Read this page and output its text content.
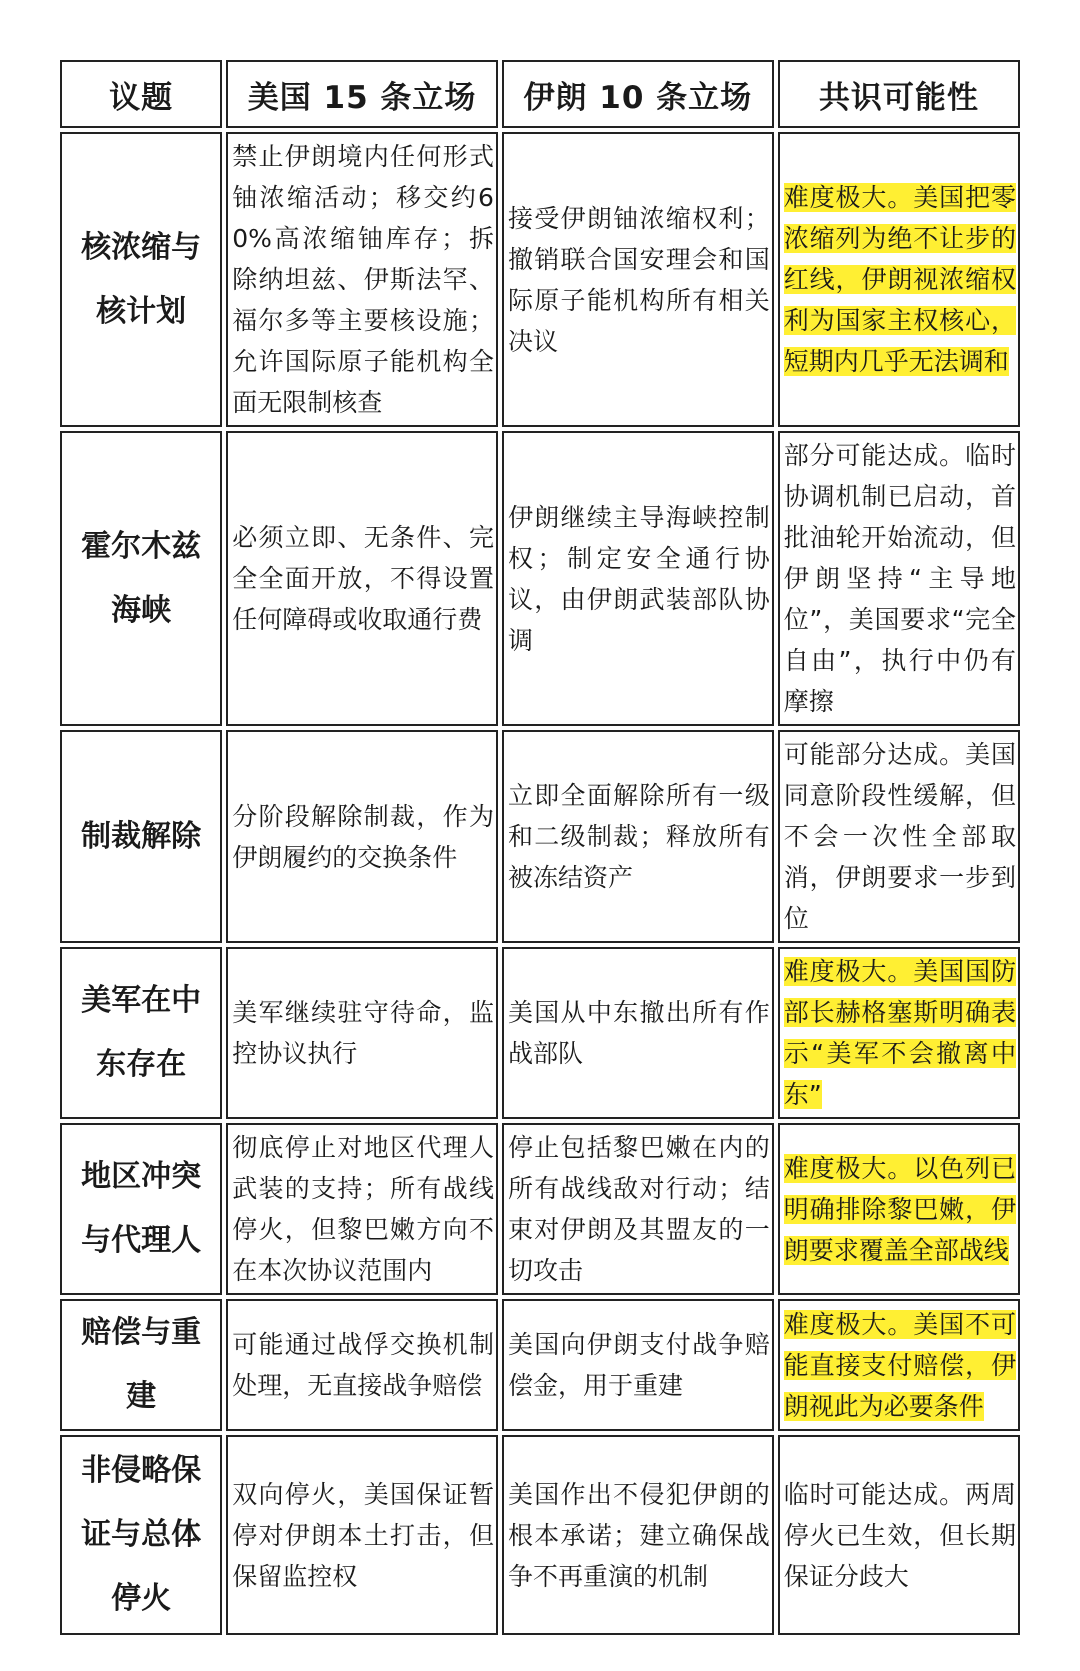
议题	美国 15 条立场	伊朗 10 条立场	共识可能性
核浓缩与核计划	禁止伊朗境内任何形式铀浓缩活动；移交约60%高浓缩铀库存；拆除纳坦兹、伊斯法罕、福尔多等主要核设施；允许国际原子能机构全面无限制核查	接受伊朗铀浓缩权利；撤销联合国安理会和国际原子能机构所有相关决议	难度极大。美国把零浓缩列为绝不让步的红线，伊朗视浓缩权利为国家主权核心，短期内几乎无法调和
霍尔木兹海峡	必须立即、无条件、完全全面开放，不得设置任何障碍或收取通行费	伊朗继续主导海峡控制权；制定安全通行协议，由伊朗武装部队协调	部分可能达成。临时协调机制已启动，首批油轮开始流动，但伊朗坚持“主导地位”，美国要求“完全自由”，执行中仍有摩擦
制裁解除	分阶段解除制裁，作为伊朗履约的交换条件	立即全面解除所有一级和二级制裁；释放所有被冻结资产	可能部分达成。美国同意阶段性缓解，但不会一次性全部取消，伊朗要求一步到位
美军在中东存在	美军继续驻守待命，监控协议执行	美国从中东撤出所有作战部队	难度极大。美国国防部长赫格塞斯明确表示“美军不会撤离中东”
地区冲突与代理人	彻底停止对地区代理人武装的支持；所有战线停火，但黎巴嫩方向不在本次协议范围内	停止包括黎巴嫩在内的所有战线敌对行动；结束对伊朗及其盟友的一切攻击	难度极大。以色列已明确排除黎巴嫩，伊朗要求覆盖全部战线
赔偿与重建	可能通过战俘交换机制处理，无直接战争赔偿	美国向伊朗支付战争赔偿金，用于重建	难度极大。美国不可能直接支付赔偿，伊朗视此为必要条件
非侵略保证与总体停火	双向停火，美国保证暂停对伊朗本土打击，但保留监控权	美国作出不侵犯伊朗的根本承诺；建立确保战争不再重演的机制	临时可能达成。两周停火已生效，但长期保证分歧大
